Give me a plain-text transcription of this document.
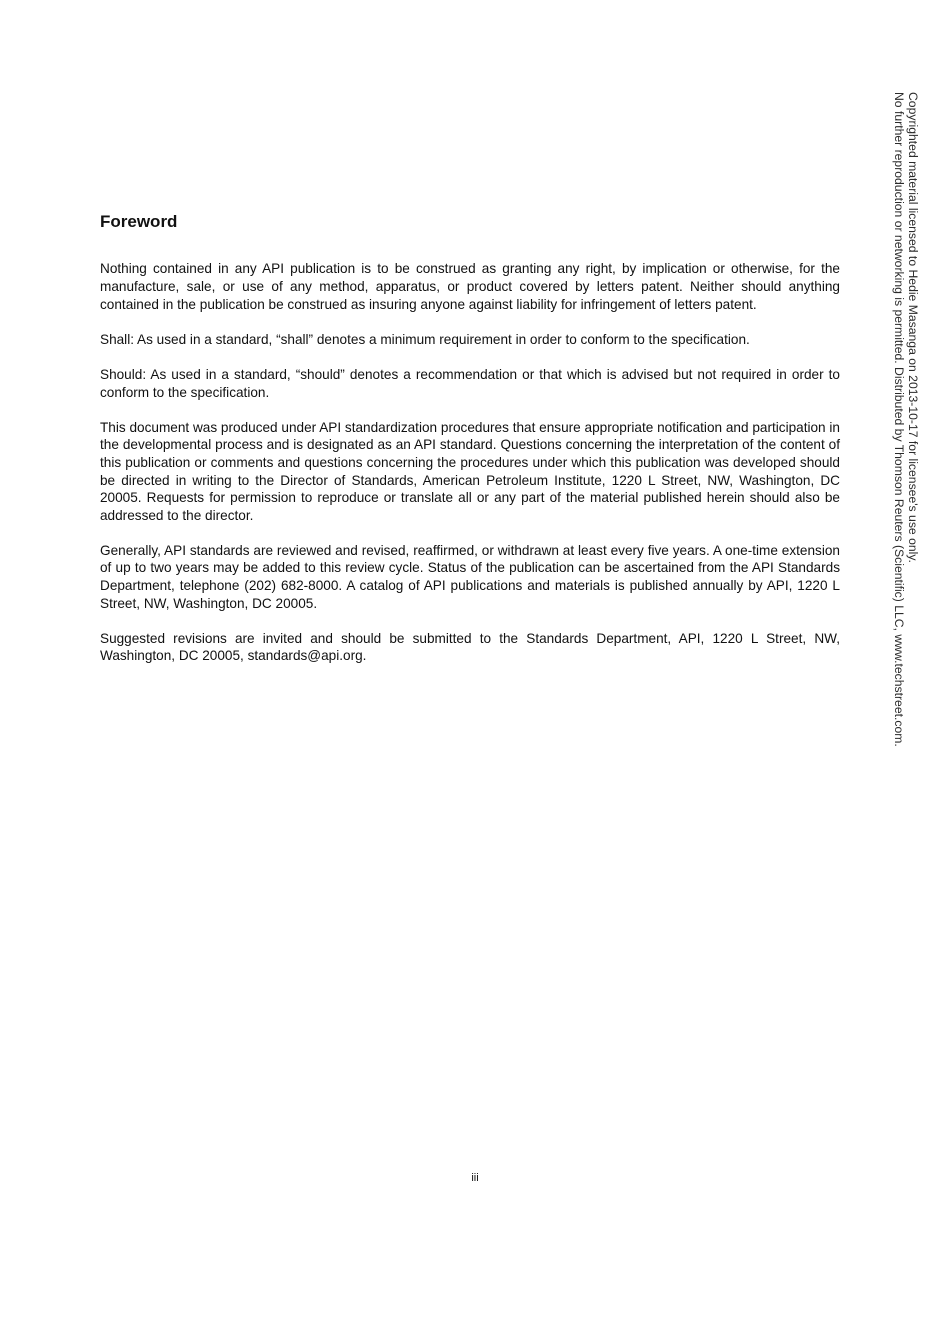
Foreword

Nothing contained in any API publication is to be construed as granting any right, by implication or otherwise, for the manufacture, sale, or use of any method, apparatus, or product covered by letters patent. Neither should anything contained in the publication be construed as insuring anyone against liability for infringement of letters patent.

Shall: As used in a standard, “shall” denotes a minimum requirement in order to conform to the specification.

Should: As used in a standard, “should” denotes a recommendation or that which is advised but not required in order to conform to the specification.

This document was produced under API standardization procedures that ensure appropriate notification and participation in the developmental process and is designated as an API standard. Questions concerning the interpretation of the content of this publication or comments and questions concerning the procedures under which this publication was developed should be directed in writing to the Director of Standards, American Petroleum Institute, 1220 L Street, NW, Washington, DC 20005. Requests for permission to reproduce or translate all or any part of the material published herein should also be addressed to the director.

Generally, API standards are reviewed and revised, reaffirmed, or withdrawn at least every five years. A one-time extension of up to two years may be added to this review cycle. Status of the publication can be ascertained from the API Standards Department, telephone (202) 682-8000. A catalog of API publications and materials is published annually by API, 1220 L Street, NW, Washington, DC 20005.

Suggested revisions are invited and should be submitted to the Standards Department, API, 1220 L Street, NW, Washington, DC 20005, standards@api.org.

iii
Copyrighted material licensed to Hedie Masanga on 2013-10-17 for licensee's use only.
No further reproduction or networking is permitted. Distributed by Thomson Reuters (Scientific) LLC, www.techstreet.com.
